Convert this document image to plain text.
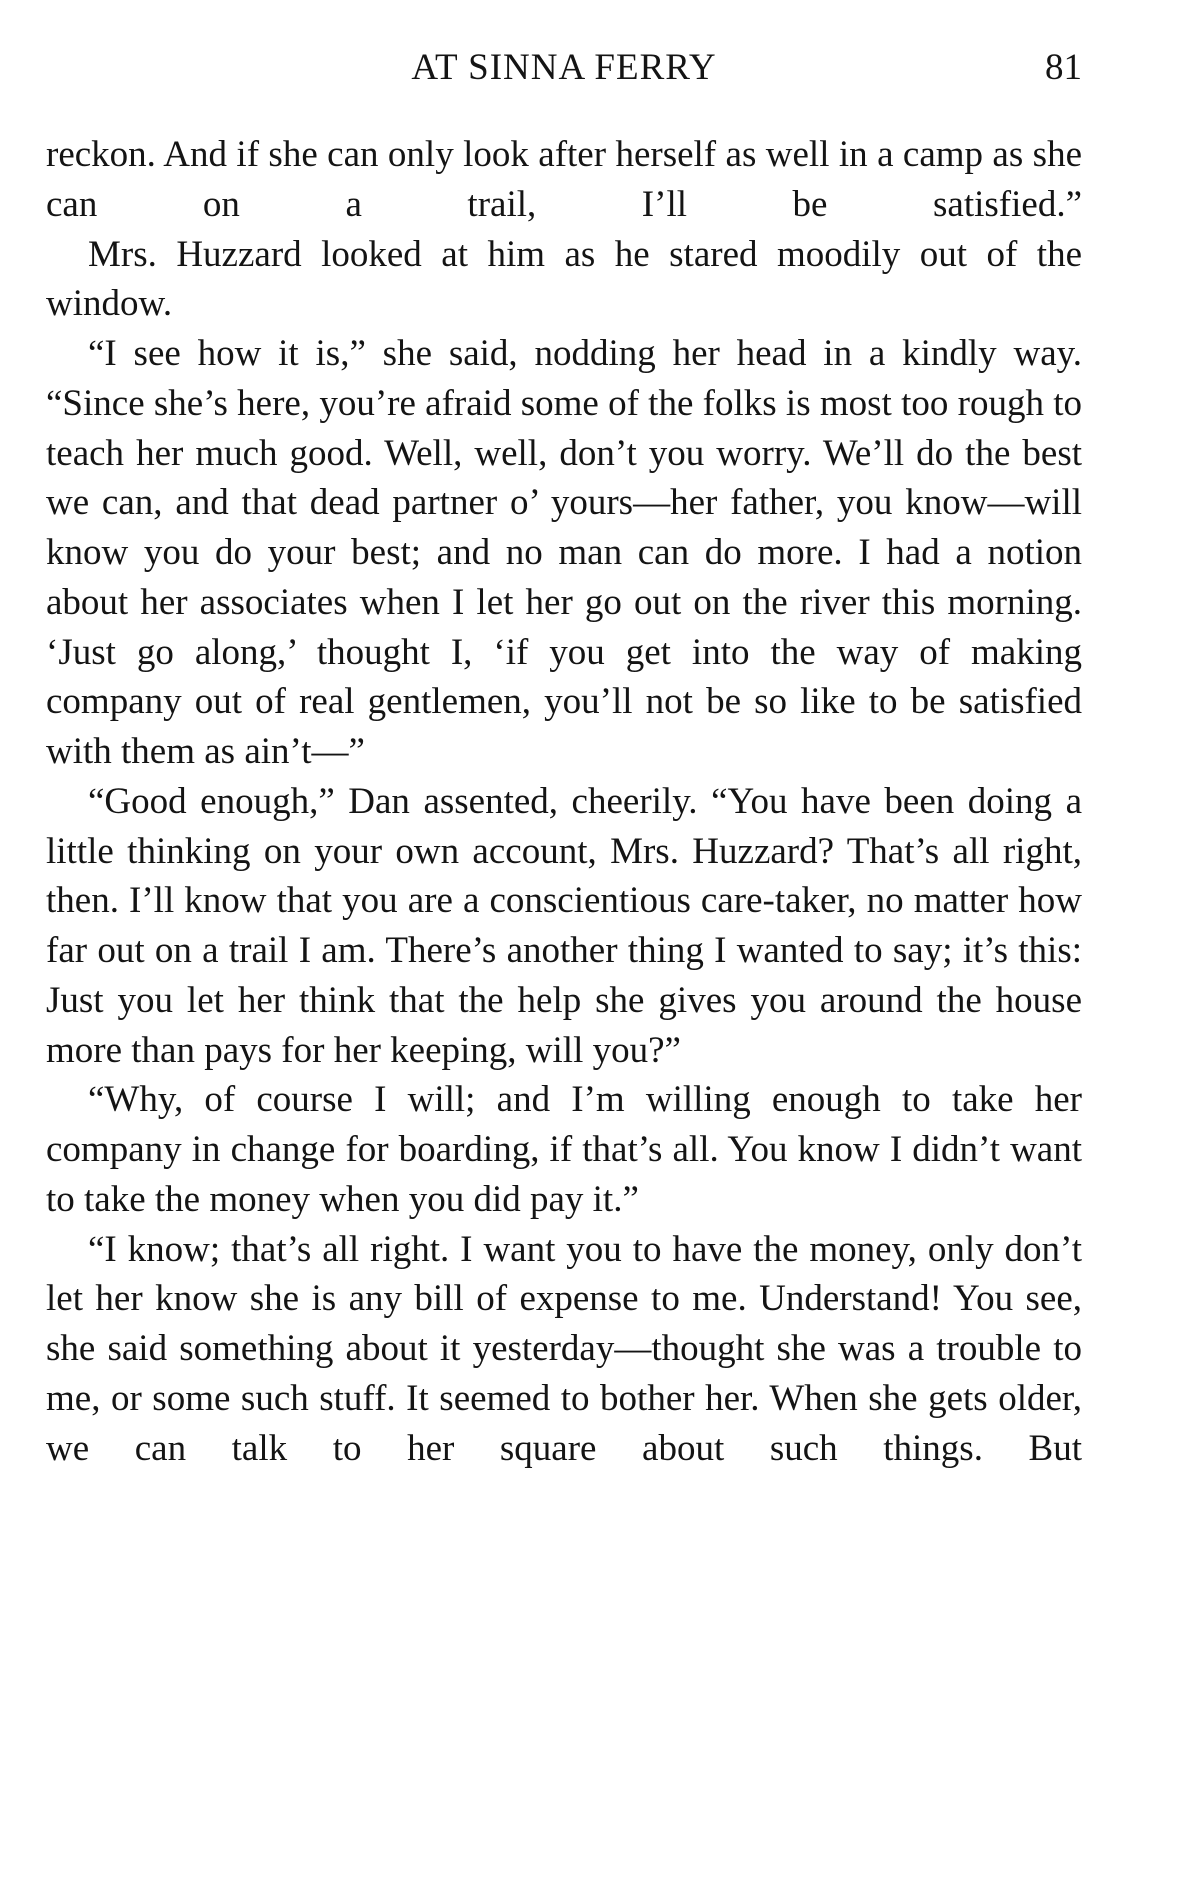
AT SINNA FERRY	81

reckon. And if she can only look after herself as well in a camp as she can on a trail, I’ll be satisfied.”

Mrs. Huzzard looked at him as he stared moodily out of the window.

“I see how it is,” she said, nodding her head in a kindly way. “Since she’s here, you’re afraid some of the folks is most too rough to teach her much good. Well, well, don’t you worry. We’ll do the best we can, and that dead partner o’ yours—her father, you know—will know you do your best; and no man can do more. I had a notion about her associates when I let her go out on the river this morning. ‘Just go along,’ thought I, ‘if you get into the way of making company out of real gentlemen, you’ll not be so like to be satisfied with them as ain’t—”

“Good enough,” Dan assented, cheerily. “You have been doing a little thinking on your own account, Mrs. Huzzard? That’s all right, then. I’ll know that you are a conscientious care-taker, no matter how far out on a trail I am. There’s another thing I wanted to say; it’s this: Just you let her think that the help she gives you around the house more than pays for her keeping, will you?”

“Why, of course I will; and I’m willing enough to take her company in change for boarding, if that’s all. You know I didn’t want to take the money when you did pay it.”

“I know; that’s all right. I want you to have the money, only don’t let her know she is any bill of expense to me. Understand! You see, she said something about it yesterday—thought she was a trouble to me, or some such stuff. It seemed to bother her. When she gets older, we can talk to her square about such things. But
